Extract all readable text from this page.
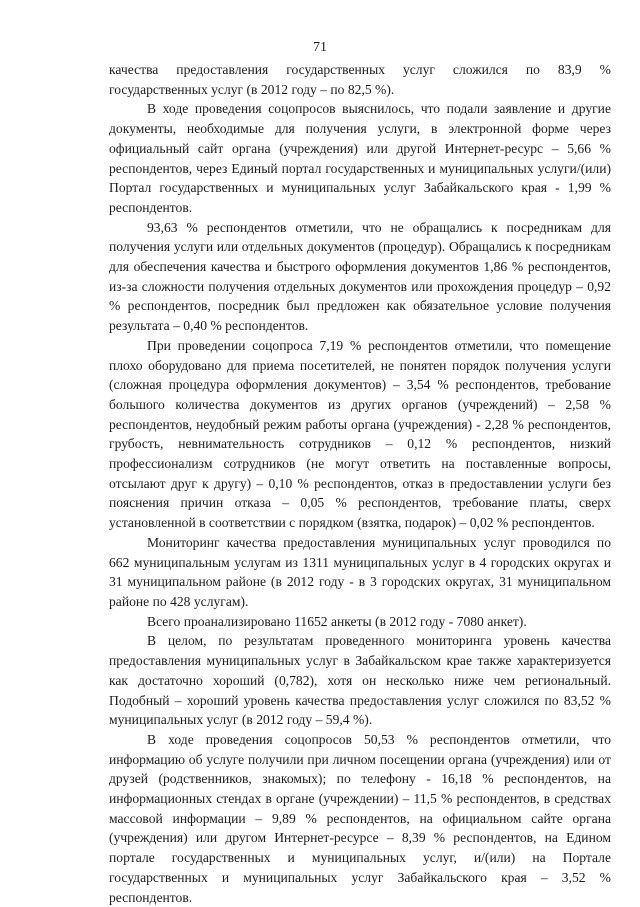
71

качества предоставления государственных услуг сложился по 83,9 % государственных услуг (в 2012 году – по 82,5 %).

В ходе проведения соцопросов выяснилось, что подали заявление и другие документы, необходимые для получения услуги, в электронной форме через официальный сайт органа (учреждения) или другой Интернет-ресурс – 5,66 % респондентов, через Единый портал государственных и муниципальных услуги/(или) Портал государственных и муниципальных услуг Забайкальского края - 1,99 % респондентов.

93,63 % респондентов отметили, что не обращались к посредникам для получения услуги или отдельных документов (процедур). Обращались к посредникам для обеспечения качества и быстрого оформления документов 1,86 % респондентов, из-за сложности получения отдельных документов или прохождения процедур – 0,92 % респондентов, посредник был предложен как обязательное условие получения результата – 0,40 % респондентов.

При проведении соцопроса 7,19 % респондентов отметили, что помещение плохо оборудовано для приема посетителей, не понятен порядок получения услуги (сложная процедура оформления документов) – 3,54 % респондентов, требование большого количества документов из других органов (учреждений) – 2,58 % респондентов, неудобный режим работы органа (учреждения) - 2,28 % респондентов, грубость, невнимательность сотрудников – 0,12 % респондентов, низкий профессионализм сотрудников (не могут ответить на поставленные вопросы, отсылают друг к другу) – 0,10 % респондентов, отказ в предоставлении услуги без пояснения причин отказа – 0,05 % респондентов, требование платы, сверх установленной в соответствии с порядком (взятка, подарок) – 0,02 % респондентов.

Мониторинг качества предоставления муниципальных услуг проводился по 662 муниципальным услугам из 1311 муниципальных услуг в 4 городских округах и 31 муниципальном районе (в 2012 году - в 3 городских округах, 31 муниципальном районе по 428 услугам).

Всего проанализировано 11652 анкеты (в 2012 году - 7080 анкет).

В целом, по результатам проведенного мониторинга уровень качества предоставления муниципальных услуг в Забайкальском крае также характеризуется как достаточно хороший (0,782), хотя он несколько ниже чем региональный. Подобный – хороший уровень качества предоставления услуг сложился по 83,52 % муниципальных услуг (в 2012 году – 59,4 %).

В ходе проведения соцопросов 50,53 % респондентов отметили, что информацию об услуге получили при личном посещении органа (учреждения) или от друзей (родственников, знакомых); по телефону - 16,18 % респондентов, на информационных стендах в органе (учреждении) – 11,5 % респондентов, в средствах массовой информации – 9,89 % респондентов, на официальном сайте органа (учреждения) или другом Интернет-ресурсе – 8,39 % респондентов, на Едином портале государственных и муниципальных услуг, и/(или) на Портале государственных и муниципальных услуг Забайкальского края – 3,52 % респондентов.
